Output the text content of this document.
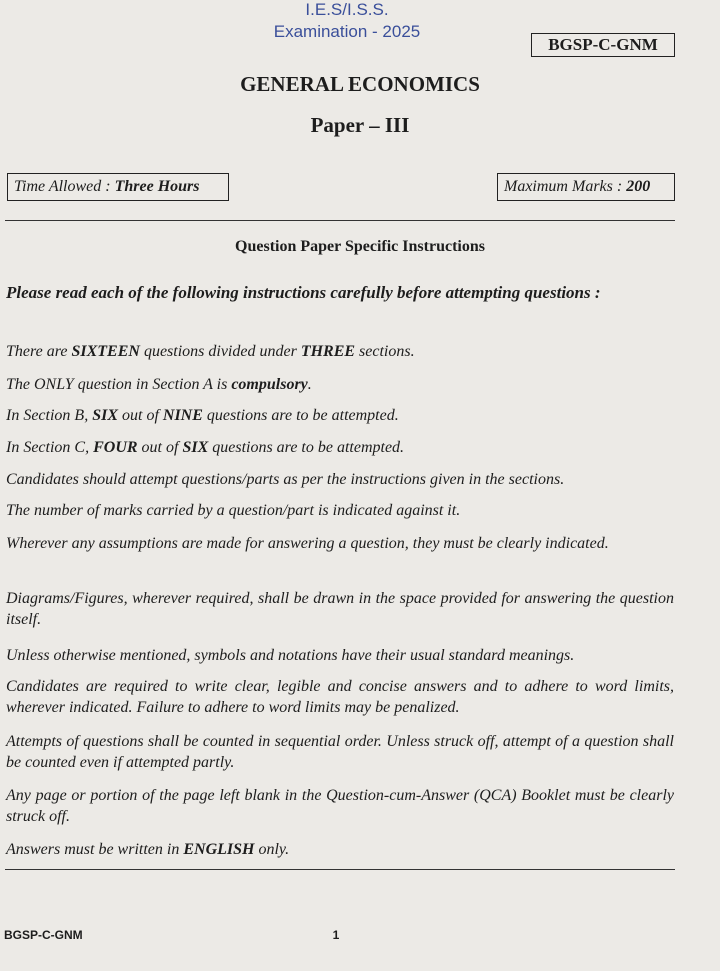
I.E.S/I.S.S.
Examination - 2025
BGSP-C-GNM
GENERAL ECONOMICS
Paper – III
Time Allowed : Three Hours	Maximum Marks : 200
Question Paper Specific Instructions
Please read each of the following instructions carefully before attempting questions :
There are SIXTEEN questions divided under THREE sections.
The ONLY question in Section A is compulsory.
In Section B, SIX out of NINE questions are to be attempted.
In Section C, FOUR out of SIX questions are to be attempted.
Candidates should attempt questions/parts as per the instructions given in the sections.
The number of marks carried by a question/part is indicated against it.
Wherever any assumptions are made for answering a question, they must be clearly indicated.
Diagrams/Figures, wherever required, shall be drawn in the space provided for answering the question itself.
Unless otherwise mentioned, symbols and notations have their usual standard meanings.
Candidates are required to write clear, legible and concise answers and to adhere to word limits, wherever indicated. Failure to adhere to word limits may be penalized.
Attempts of questions shall be counted in sequential order. Unless struck off, attempt of a question shall be counted even if attempted partly.
Any page or portion of the page left blank in the Question-cum-Answer (QCA) Booklet must be clearly struck off.
Answers must be written in ENGLISH only.
BGSP-C-GNM	1
